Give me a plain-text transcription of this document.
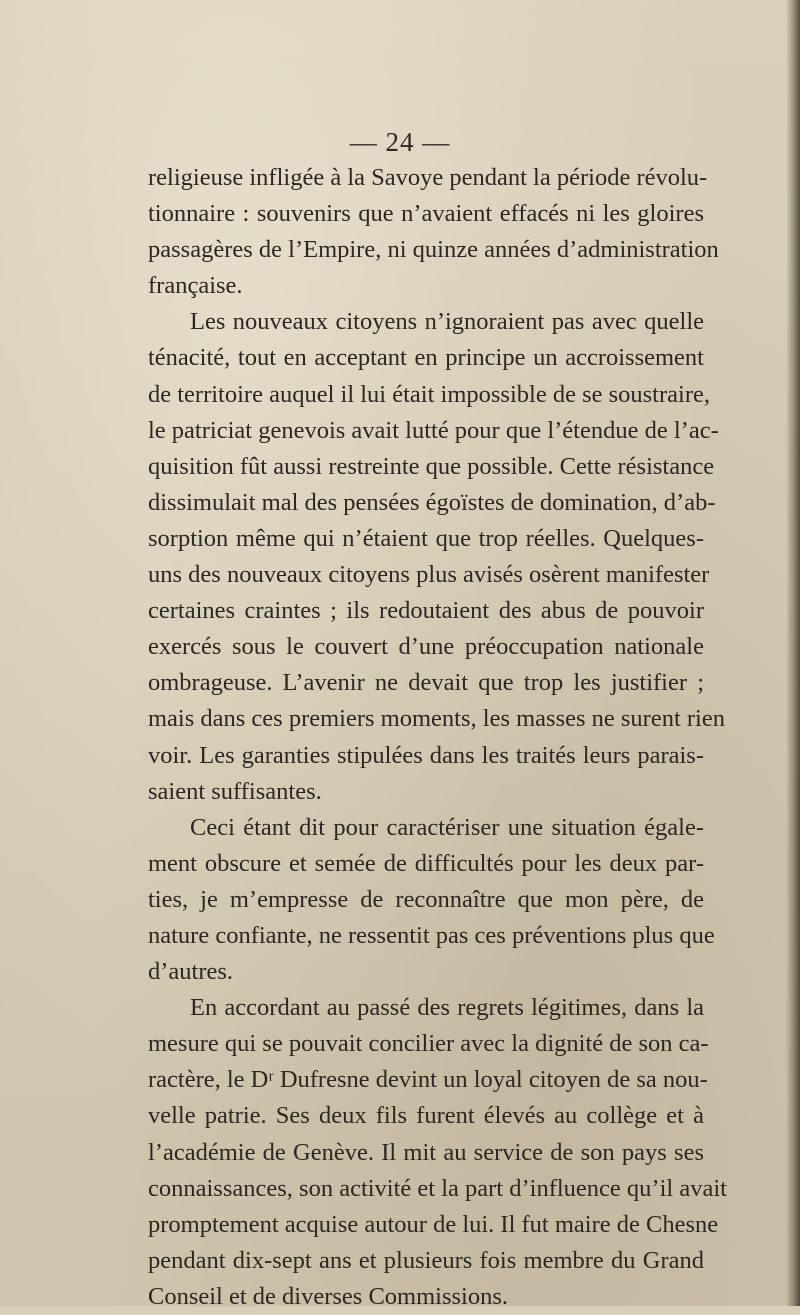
— 24 —
religieuse infligée à la Savoye pendant la période révolu-
tionnaire : souvenirs que n’avaient effacés ni les gloires
passagères de l’Empire, ni quinze années d’administration
française.
Les nouveaux citoyens n’ignoraient pas avec quelle
ténacité, tout en acceptant en principe un accroissement
de territoire auquel il lui était impossible de se soustraire,
le patriciat genevois avait lutté pour que l’étendue de l’ac-
quisition fût aussi restreinte que possible. Cette résistance
dissimulait mal des pensées égoïstes de domination, d’ab-
sorption même qui n’étaient que trop réelles. Quelques-
uns des nouveaux citoyens plus avisés osèrent manifester
certaines craintes ; ils redoutaient des abus de pouvoir
exercés sous le couvert d’une préoccupation nationale
ombrageuse. L’avenir ne devait que trop les justifier ;
mais dans ces premiers moments, les masses ne surent rien
voir. Les garanties stipulées dans les traités leurs parais-
saient suffisantes.
Ceci étant dit pour caractériser une situation égale-
ment obscure et semée de difficultés pour les deux par-
ties, je m’empresse de reconnaître que mon père, de
nature confiante, ne ressentit pas ces préventions plus que
d’autres.
En accordant au passé des regrets légitimes, dans la
mesure qui se pouvait concilier avec la dignité de son ca-
ractère, le Dʳ Dufresne devint un loyal citoyen de sa nou-
velle patrie. Ses deux fils furent élevés au collège et à
l’académie de Genève. Il mit au service de son pays ses
connaissances, son activité et la part d’influence qu’il avait
promptement acquise autour de lui. Il fut maire de Chesne
pendant dix-sept ans et plusieurs fois membre du Grand
Conseil et de diverses Commissions.
